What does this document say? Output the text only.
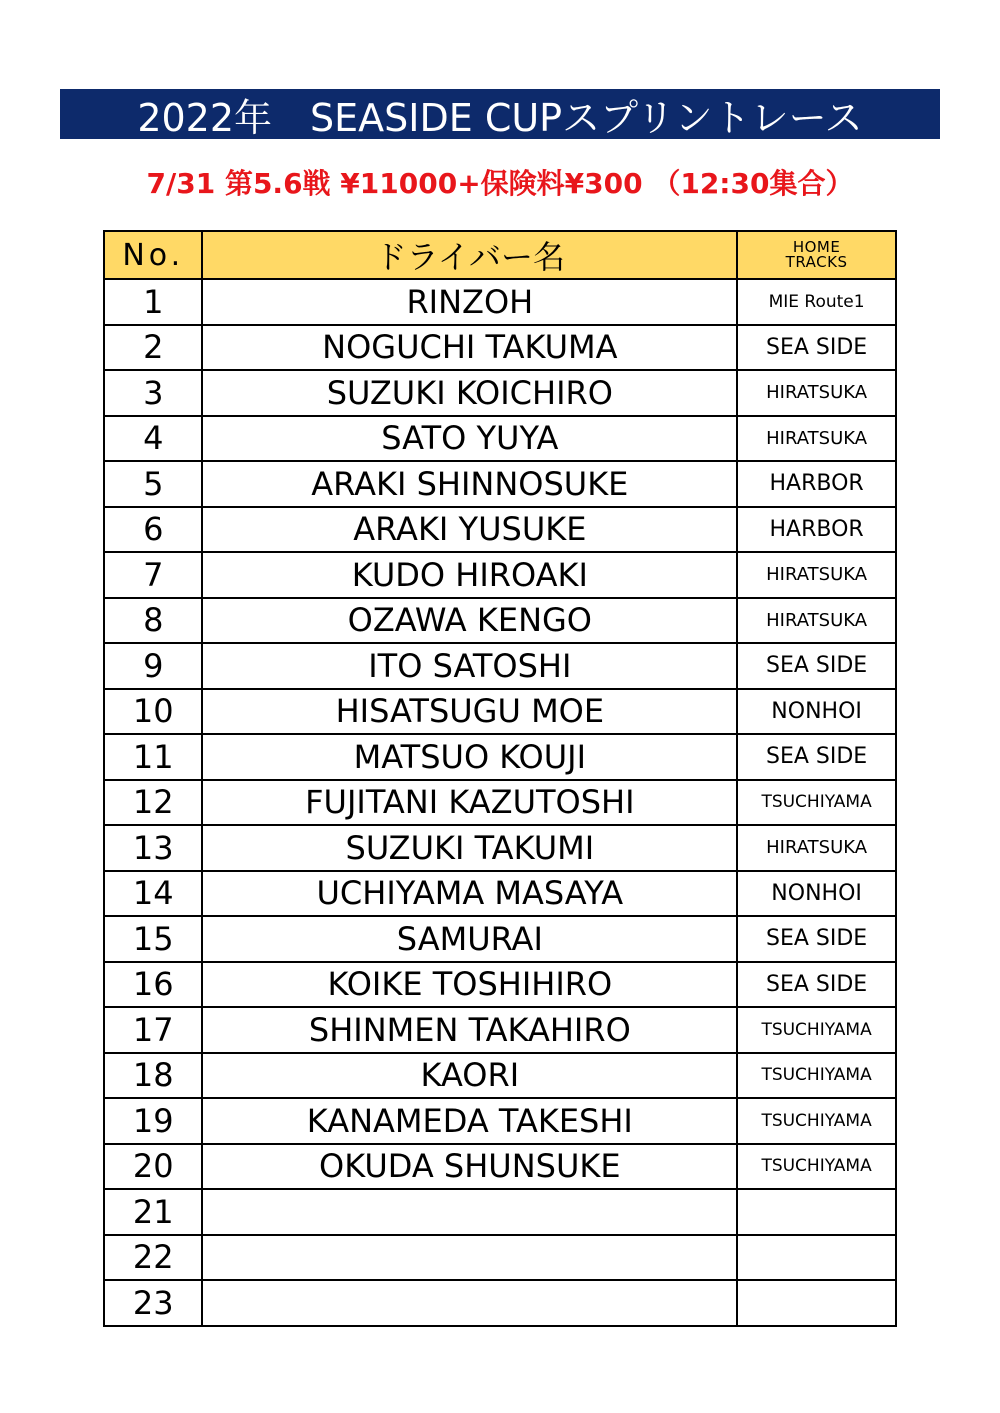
2022年　SEASIDE CUPスプリントレース
7/31 第5.6戦 ¥11000+保険料¥300 （12:30集合）
No.	ドライバー名	HOME
TRACKS

1	RINZOH	MIE Route1
2	NOGUCHI TAKUMA	SEA SIDE
3	SUZUKI KOICHIRO	HIRATSUKA
4	SATO YUYA	HIRATSUKA
5	ARAKI SHINNOSUKE	HARBOR
6	ARAKI YUSUKE	HARBOR
7	KUDO HIROAKI	HIRATSUKA
8	OZAWA KENGO	HIRATSUKA
9	ITO SATOSHI	SEA SIDE
10	HISATSUGU MOE	NONHOI
11	MATSUO KOUJI	SEA SIDE
12	FUJITANI KAZUTOSHI	TSUCHIYAMA
13	SUZUKI TAKUMI	HIRATSUKA
14	UCHIYAMA MASAYA	NONHOI
15	SAMURAI	SEA SIDE
16	KOIKE TOSHIHIRO	SEA SIDE
17	SHINMEN TAKAHIRO	TSUCHIYAMA
18	KAORI	TSUCHIYAMA
19	KANAMEDA TAKESHI	TSUCHIYAMA
20	OKUDA SHUNSUKE	TSUCHIYAMA
21		
22		
23		
